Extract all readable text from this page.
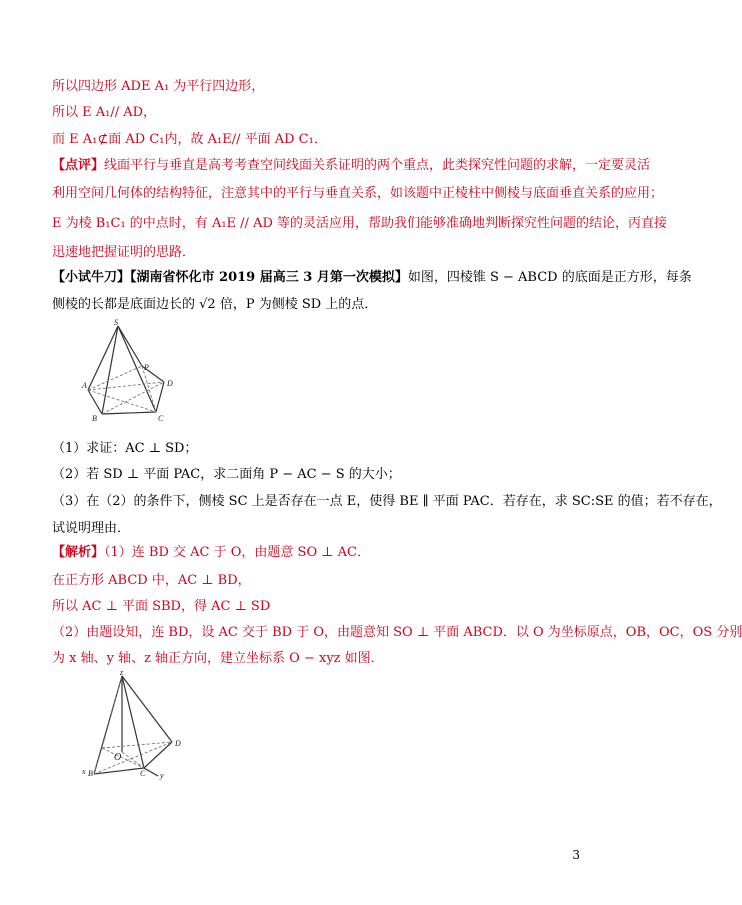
所以四边形 ADE A₁ 为平行四边形，
所以 E A₁// AD，
而 E A₁⊄面 AD C₁内，故 A₁E// 平面 AD C₁．
【点评】线面平行与垂直是高考考查空间线面关系证明的两个重点，此类探究性问题的求解，一定要灵活
利用空间几何体的结构特征，注意其中的平行与垂直关系，如该题中正棱柱中侧棱与底面垂直关系的应用；
E 为棱 B₁C₁ 的中点时，有 A₁E // AD 等的灵活应用，帮助我们能够准确地判断探究性问题的结论，丙直接
迅速地把握证明的思路．
【小试牛刀】【湖南省怀化市 2019 届高三 3 月第一次模拟】如图，四棱锥 S − ABCD 的底面是正方形，每条
侧棱的长都是底面边长的 √2 倍，P 为侧棱 SD 上的点．
S
A
B	C
D
P
（1）求证：AC ⊥ SD；
（2）若 SD ⊥ 平面 PAC，求二面角 P − AC − S 的大小；
（3）在（2）的条件下，侧棱 SC 上是否存在一点 E，使得 BE ∥ 平面 PAC．若存在，求 SC:SE 的值；若不存在，
试说明理由．
【解析】（1）连 BD 交 AC 于 O，由题意 SO ⊥ AC．
在正方形 ABCD 中，AC ⊥ BD，
所以 AC ⊥ 平面 SBD，得 AC ⊥ SD
（2）由题设知，连 BD，设 AC 交于 BD 于 O，由题意知 SO ⊥ 平面 ABCD．以 O 为坐标原点，OB，OC，OS 分别
为 x 轴、y 轴、z 轴正方向，建立坐标系 O − xyz 如图．
z
O
D
x B	C y
3
